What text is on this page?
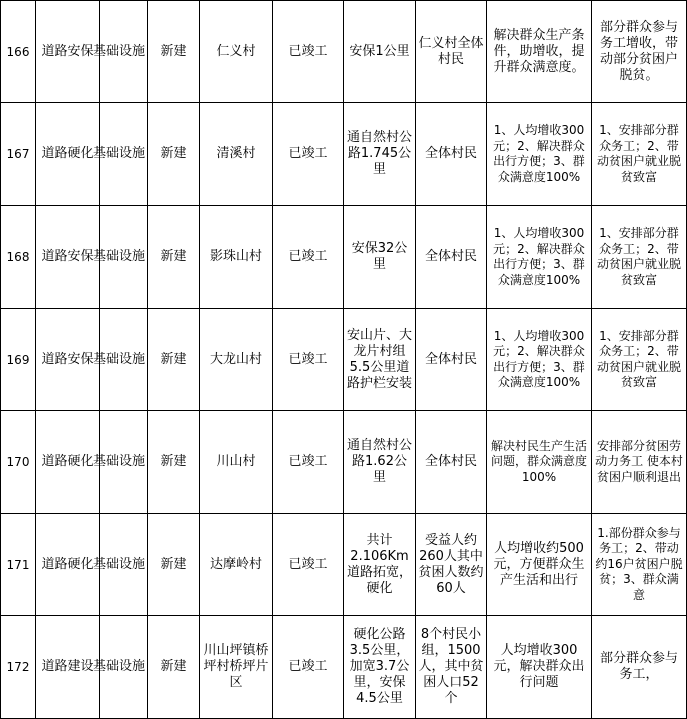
166	道路安保	基础设施	新建	仁义村	已竣工	安保1公里	仁义村全体村民	解决群众生产条件，助增收，提升群众满意度。	部分群众参与务工增收，带动部分贫困户脱贫。
167	道路硬化	基础设施	新建	清溪村	已竣工	通自然村公路1.745公里	全体村民	1、人均增收300元；2、解决群众出行方便；3、群众满意度100%	1、安排部分群众务工；2、带动贫困户就业脱贫致富
168	道路安保	基础设施	新建	影珠山村	已竣工	安保32公里	全体村民	1、人均增收300元；2、解决群众出行方便；3、群众满意度100%	1、安排部分群众务工；2、带动贫困户就业脱贫致富
169	道路安保	基础设施	新建	大龙山村	已竣工	安山片、大龙片村组5.5公里道路护栏安装	全体村民	1、人均增收300元；2、解决群众出行方便；3、群众满意度100%	1、安排部分群众务工；2、带动贫困户就业脱贫致富
170	道路硬化	基础设施	新建	川山村	已竣工	通自然村公路1.62公里	全体村民	解决村民生产生活问题，群众满意度100%	安排部分贫困劳动力务工 使本村贫困户顺利退出
171	道路硬化	基础设施	新建	达摩岭村	已竣工	共计2.106Km道路拓宽，硬化	受益人约260人其中贫困人数约60人	人均增收约500元，方便群众生产生活和出行	1.部份群众参与务工；2、带动约16户贫困户脱贫；3、群众满意
172	道路建设	基础设施	新建	川山坪镇桥坪村桥坪片区	已竣工	硬化公路3.5公里，加宽3.7公里，安保4.5公里	8个村民小组，1500人，其中贫困人口52个	人均增收300元，解决群众出行问题	部分群众参与务工，
